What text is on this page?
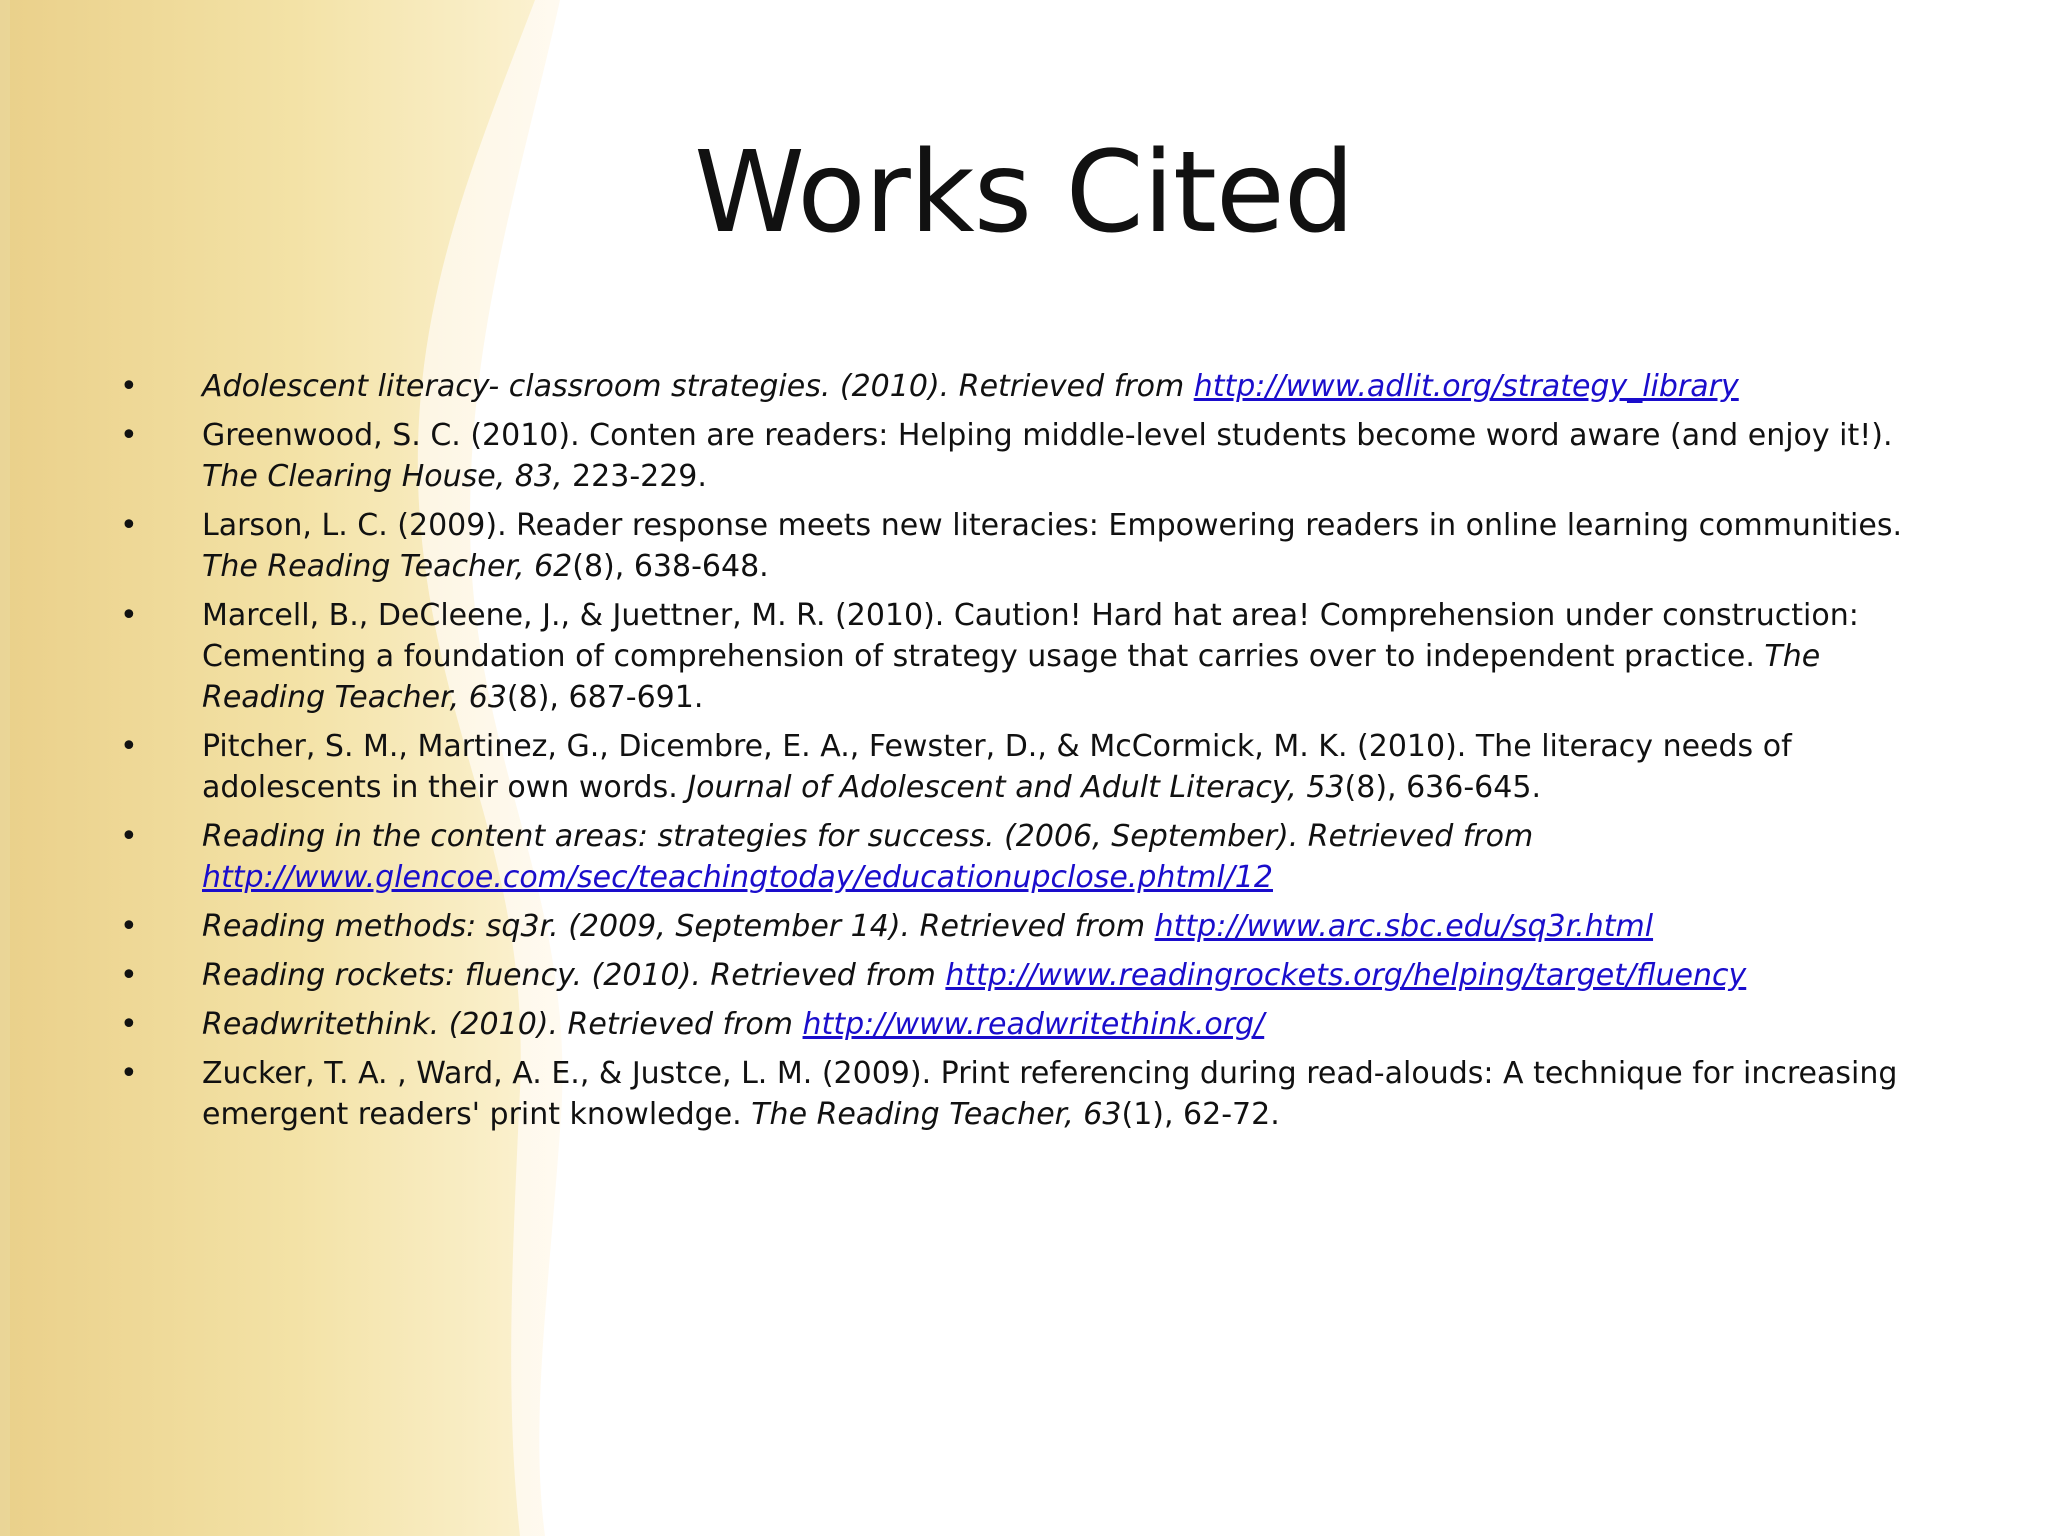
Works Cited
•	Adolescent literacy- classroom strategies. (2010). Retrieved from http://www.adlit.org/strategy_library
•	Greenwood, S. C. (2010). Conten are readers: Helping middle-level students become word aware (and enjoy it!). The Clearing House, 83, 223-229.
•	Larson, L. C. (2009). Reader response meets new literacies: Empowering readers in online learning communities. The Reading Teacher, 62(8), 638-648.
•	Marcell, B., DeCleene, J., & Juettner, M. R. (2010). Caution! Hard hat area! Comprehension under construction: Cementing a foundation of comprehension of strategy usage that carries over to independent practice. The Reading Teacher, 63(8), 687-691.
•	Pitcher, S. M., Martinez, G., Dicembre, E. A., Fewster, D., & McCormick, M. K. (2010). The literacy needs of adolescents in their own words. Journal of Adolescent and Adult Literacy, 53(8), 636-645.
•	Reading in the content areas: strategies for success. (2006, September). Retrieved from http://www.glencoe.com/sec/teachingtoday/educationupclose.phtml/12
•	Reading methods: sq3r. (2009, September 14). Retrieved from http://www.arc.sbc.edu/sq3r.html
•	Reading rockets: fluency. (2010). Retrieved from http://www.readingrockets.org/helping/target/fluency
•	Readwritethink. (2010). Retrieved from http://www.readwritethink.org/
•	Zucker, T. A. , Ward, A. E., & Justce, L. M. (2009). Print referencing during read-alouds: A technique for increasing emergent readers' print knowledge. The Reading Teacher, 63(1), 62-72.
